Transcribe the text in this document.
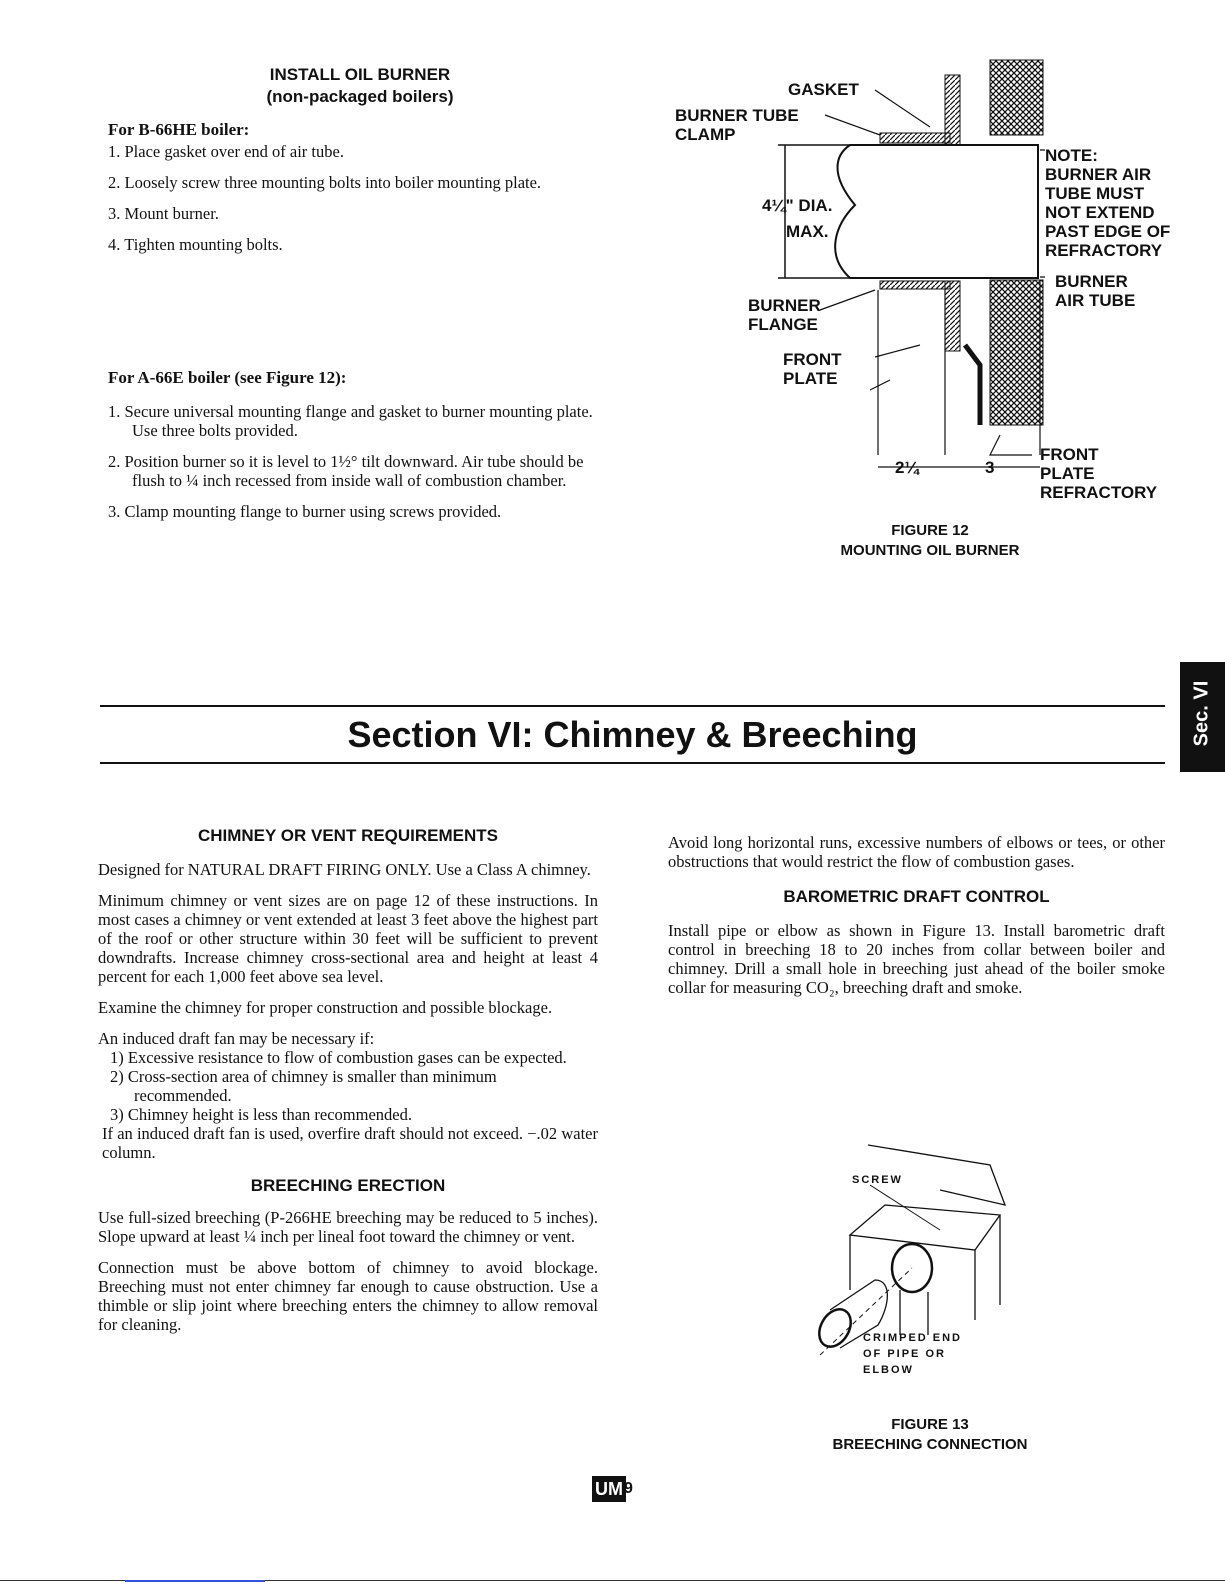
INSTALL OIL BURNER
(non-packaged boilers)
For B-66HE boiler:
1. Place gasket over end of air tube.
2. Loosely screw three mounting bolts into boiler mounting plate.
3. Mount burner.
4. Tighten mounting bolts.
For A-66E boiler (see Figure 12):
1. Secure universal mounting flange and gasket to burner mounting plate. Use three bolts provided.
2. Position burner so it is level to 1½° tilt downward. Air tube should be flush to ¼ inch recessed from inside wall of combustion chamber.
3. Clamp mounting flange to burner using screws provided.
GASKET
BURNER TUBE
CLAMP
4¼" DIA.
MAX.
NOTE:
BURNER AIR
TUBE MUST
NOT EXTEND
PAST EDGE OF
REFRACTORY
BURNER
AIR TUBE
BURNER
FLANGE
FRONT
PLATE
2¼	3
FRONT
PLATE
REFRACTORY
FIGURE 12
MOUNTING OIL BURNER
Section VI: Chimney & Breeching	Sec. VI
CHIMNEY OR VENT REQUIREMENTS
Designed for NATURAL DRAFT FIRING ONLY. Use a Class A chimney.
Minimum chimney or vent sizes are on page 12 of these instructions. In most cases a chimney or vent extended at least 3 feet above the highest part of the roof or other structure within 30 feet will be sufficient to prevent downdrafts. Increase chimney cross-sectional area and height at least 4 percent for each 1,000 feet above sea level.
Examine the chimney for proper construction and possible blockage.
An induced draft fan may be necessary if:
1) Excessive resistance to flow of combustion gases can be expected.
2) Cross-section area of chimney is smaller than minimum recommended.
3) Chimney height is less than recommended.
If an induced draft fan is used, overfire draft should not exceed. −.02 water column.
BREECHING ERECTION
Use full-sized breeching (P-266HE breeching may be reduced to 5 inches). Slope upward at least ¼ inch per lineal foot toward the chimney or vent.
Connection must be above bottom of chimney to avoid blockage. Breeching must not enter chimney far enough to cause obstruction. Use a thimble or slip joint where breeching enters the chimney to allow removal for cleaning.
Avoid long horizontal runs, excessive numbers of elbows or tees, or other obstructions that would restrict the flow of combustion gases.
BAROMETRIC DRAFT CONTROL
Install pipe or elbow as shown in Figure 13. Install barometric draft control in breeching 18 to 20 inches from collar between boiler and chimney. Drill a small hole in breeching just ahead of the boiler smoke collar for measuring CO₂, breeching draft and smoke.
SCREW
CRIMPED END
OF PIPE OR
ELBOW
FIGURE 13
BREECHING CONNECTION
UM 9
